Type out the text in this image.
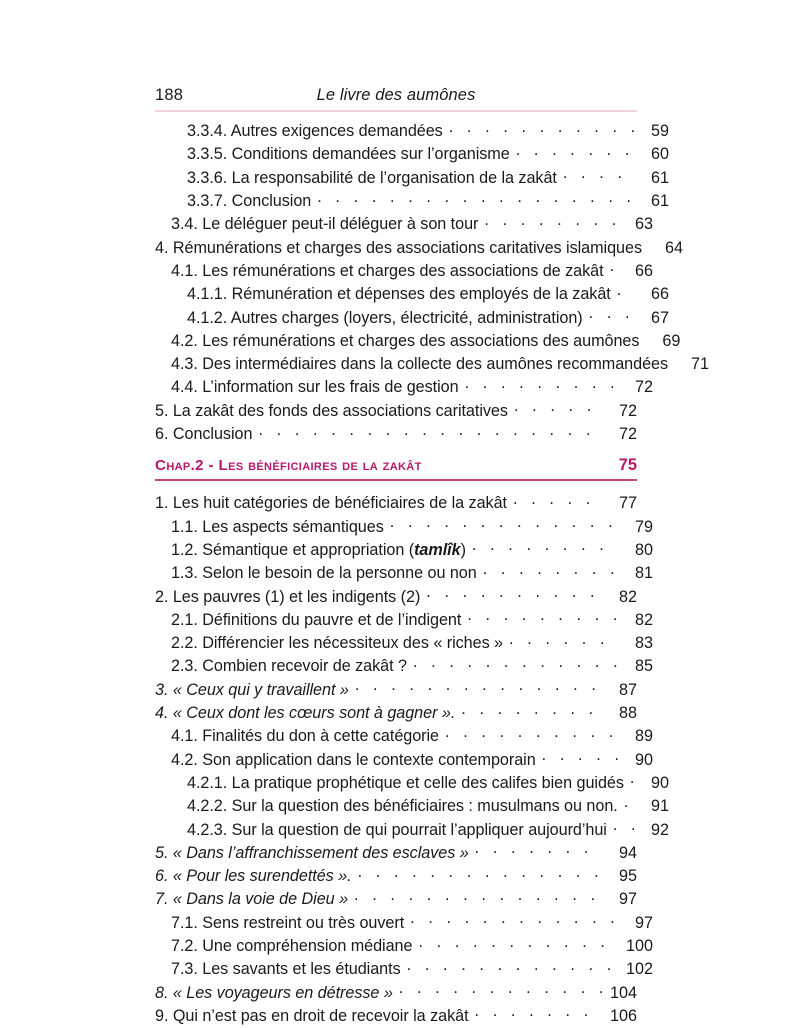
188	Le livre des aumônes
3.3.4. Autres exigences demandées . . .	59
3.3.5. Conditions demandées sur l’organisme . . .	60
3.3.6. La responsabilité de l’organisation de la zakât . . .	61
3.3.7. Conclusion . . .	61
3.4. Le déléguer peut-il déléguer à son tour . . .	63
4. Rémunérations et charges des associations caritatives islamiques	64
4.1. Les rémunérations et charges des associations de zakât . . .	66
4.1.1. Rémunération et dépenses des employés de la zakât . . .	66
4.1.2. Autres charges (loyers, électricité, administration) . . .	67
4.2. Les rémunérations et charges des associations des aumônes	69
4.3. Des intermédiaires dans la collecte des aumônes recommandées	71
4.4. L’information sur les frais de gestion . . .	72
5. La zakât des fonds des associations caritatives . . .	72
6. Conclusion . . .	72
Chap.2 - Les bénéficiaires de la zakât	75
1. Les huit catégories de bénéficiaires de la zakât . . .	77
1.1. Les aspects sémantiques . . .	79
1.2. Sémantique et appropriation (tamlîk) . . .	80
1.3. Selon le besoin de la personne ou non . . .	81
2. Les pauvres (1) et les indigents (2) . . .	82
2.1. Définitions du pauvre et de l’indigent . . .	82
2.2. Différencier les nécessiteux des « riches » . . .	83
2.3. Combien recevoir de zakât ? . . .	85
3. « Ceux qui y travaillent » . . .	87
4. « Ceux dont les cœurs sont à gagner ». . . .	88
4.1. Finalités du don à cette catégorie . . .	89
4.2. Son application dans le contexte contemporain . . .	90
4.2.1. La pratique prophétique et celle des califes bien guidés . . .	90
4.2.2. Sur la question des bénéficiaires : musulmans ou non. . . .	91
4.2.3. Sur la question de qui pourrait l’appliquer aujourd’hui . . .	92
5. « Dans l’affranchissement des esclaves » . . .	94
6. « Pour les surendettés ». . . .	95
7. « Dans la voie de Dieu » . . .	97
7.1. Sens restreint ou très ouvert . . .	97
7.2. Une compréhension médiane . . .	100
7.3. Les savants et les étudiants . . .	102
8. « Les voyageurs en détresse » . . .	104
9. Qui n’est pas en droit de recevoir la zakât . . .	106
